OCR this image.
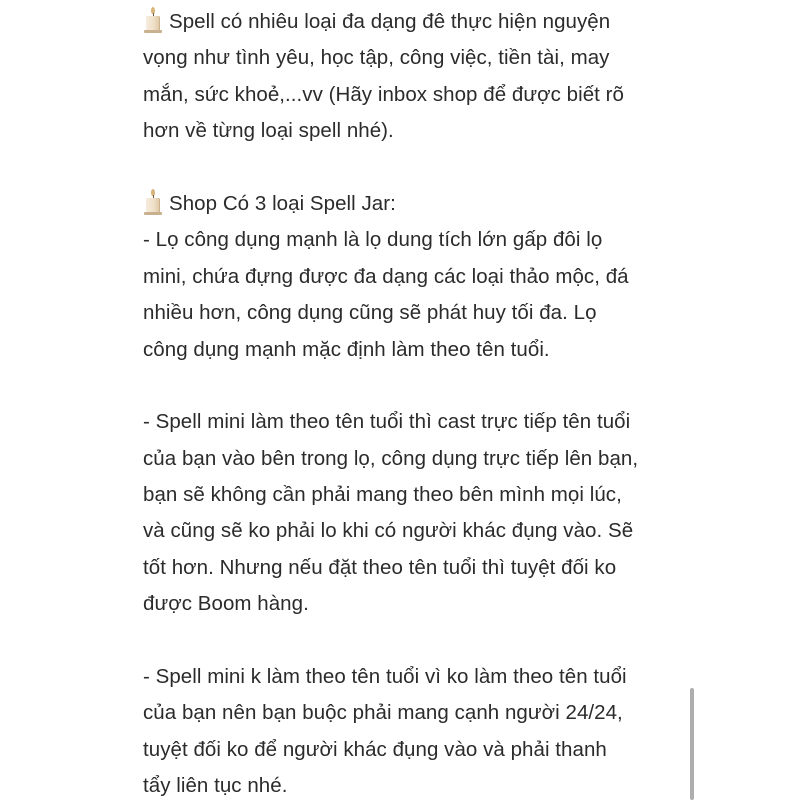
Spell có nhiêu loại đa dạng đê thực hiện nguyện
vọng như tình yêu, học tập, công việc, tiền tài, may
mắn, sức khoẻ,...vv (Hãy inbox shop để được biết rõ
hơn về từng loại spell nhé).
Shop Có 3 loại Spell Jar:
- Lọ công dụng mạnh là lọ dung tích lớn gấp đôi lọ
mini, chứa đựng được đa dạng các loại thảo mộc, đá
nhiều hơn, công dụng cũng sẽ phát huy tối đa. Lọ
công dụng mạnh mặc định làm theo tên tuổi.
- Spell mini làm theo tên tuổi thì cast trực tiếp tên tuổi
của bạn vào bên trong lọ, công dụng trực tiếp lên bạn,
bạn sẽ không cần phải mang theo bên mình mọi lúc,
và cũng sẽ ko phải lo khi có người khác đụng vào. Sẽ
tốt hơn. Nhưng nếu đặt theo tên tuổi thì tuyệt đối ko
được Boom hàng.
- Spell mini k làm theo tên tuổi vì ko làm theo tên tuổi
của bạn nên bạn buộc phải mang cạnh người 24/24,
tuyệt đối ko để người khác đụng vào và phải thanh
tẩy liên tục nhé.
